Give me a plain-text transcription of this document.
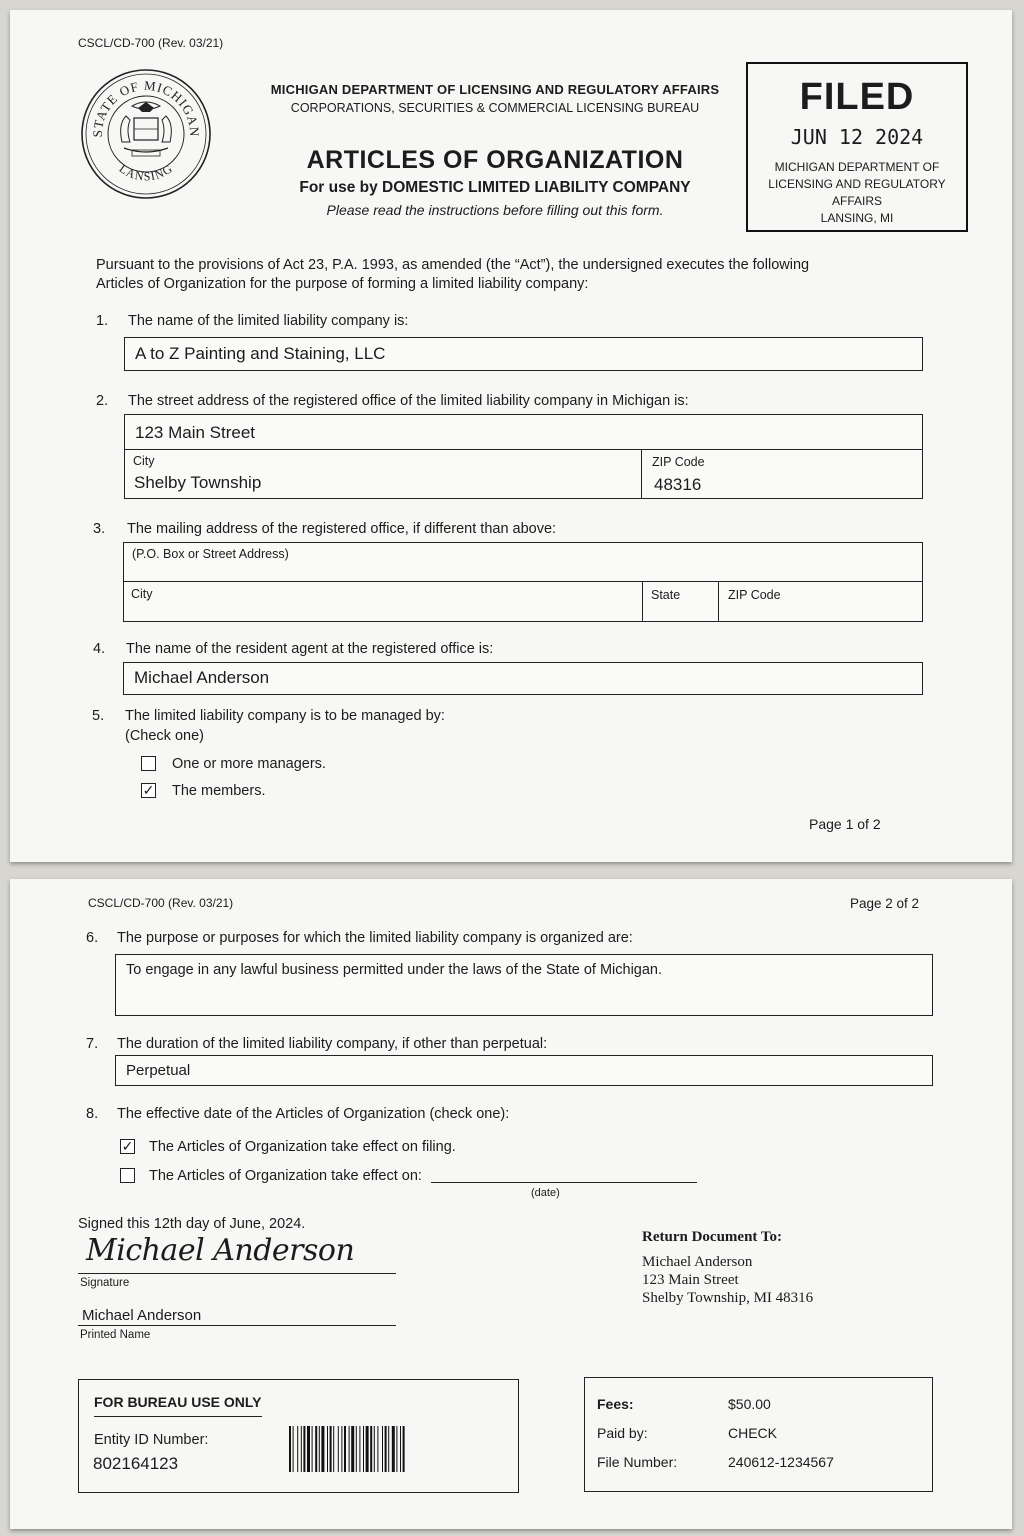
CSCL/CD-700 (Rev. 03/21)
STATE OF MICHIGAN
LANSING
MICHIGAN DEPARTMENT OF LICENSING AND REGULATORY AFFAIRS
CORPORATIONS, SECURITIES & COMMERCIAL LICENSING BUREAU
ARTICLES OF ORGANIZATION
For use by DOMESTIC LIMITED LIABILITY COMPANY
Please read the instructions before filling out this form.
FILED
JUN 12 2024
MICHIGAN DEPARTMENT OF
LICENSING AND REGULATORY AFFAIRS
LANSING, MI
Pursuant to the provisions of Act 23, P.A. 1993, as amended (the “Act”), the undersigned executes the following
Articles of Organization for the purpose of forming a limited liability company:
1. The name of the limited liability company is:
A to Z Painting and Staining, LLC
2. The street address of the registered office of the limited liability company in Michigan is:
123 Main Street
City
Shelby Township
ZIP Code
48316
3. The mailing address of the registered office, if different than above:
(P.O. Box or Street Address)
City	State	ZIP Code
4. The name of the resident agent at the registered office is:
Michael Anderson
5. The limited liability company is to be managed by:
(Check one)
One or more managers.
✓ The members.
Page 1 of 2
CSCL/CD-700 (Rev. 03/21)	Page 2 of 2
6. The purpose or purposes for which the limited liability company is organized are:
To engage in any lawful business permitted under the laws of the State of Michigan.
7. The duration of the limited liability company, if other than perpetual:
Perpetual
8. The effective date of the Articles of Organization (check one):
✓ The Articles of Organization take effect on filing.
The Articles of Organization take effect on:
(date)
Signed this 12th day of June, 2024.
Michael Anderson
Signature
Michael Anderson
Printed Name
Return Document To:
Michael Anderson
123 Main Street
Shelby Township, MI 48316
FOR BUREAU USE ONLY
Entity ID Number:
802164123
Fees:	$50.00
Paid by:	CHECK
File Number:	240612-1234567
